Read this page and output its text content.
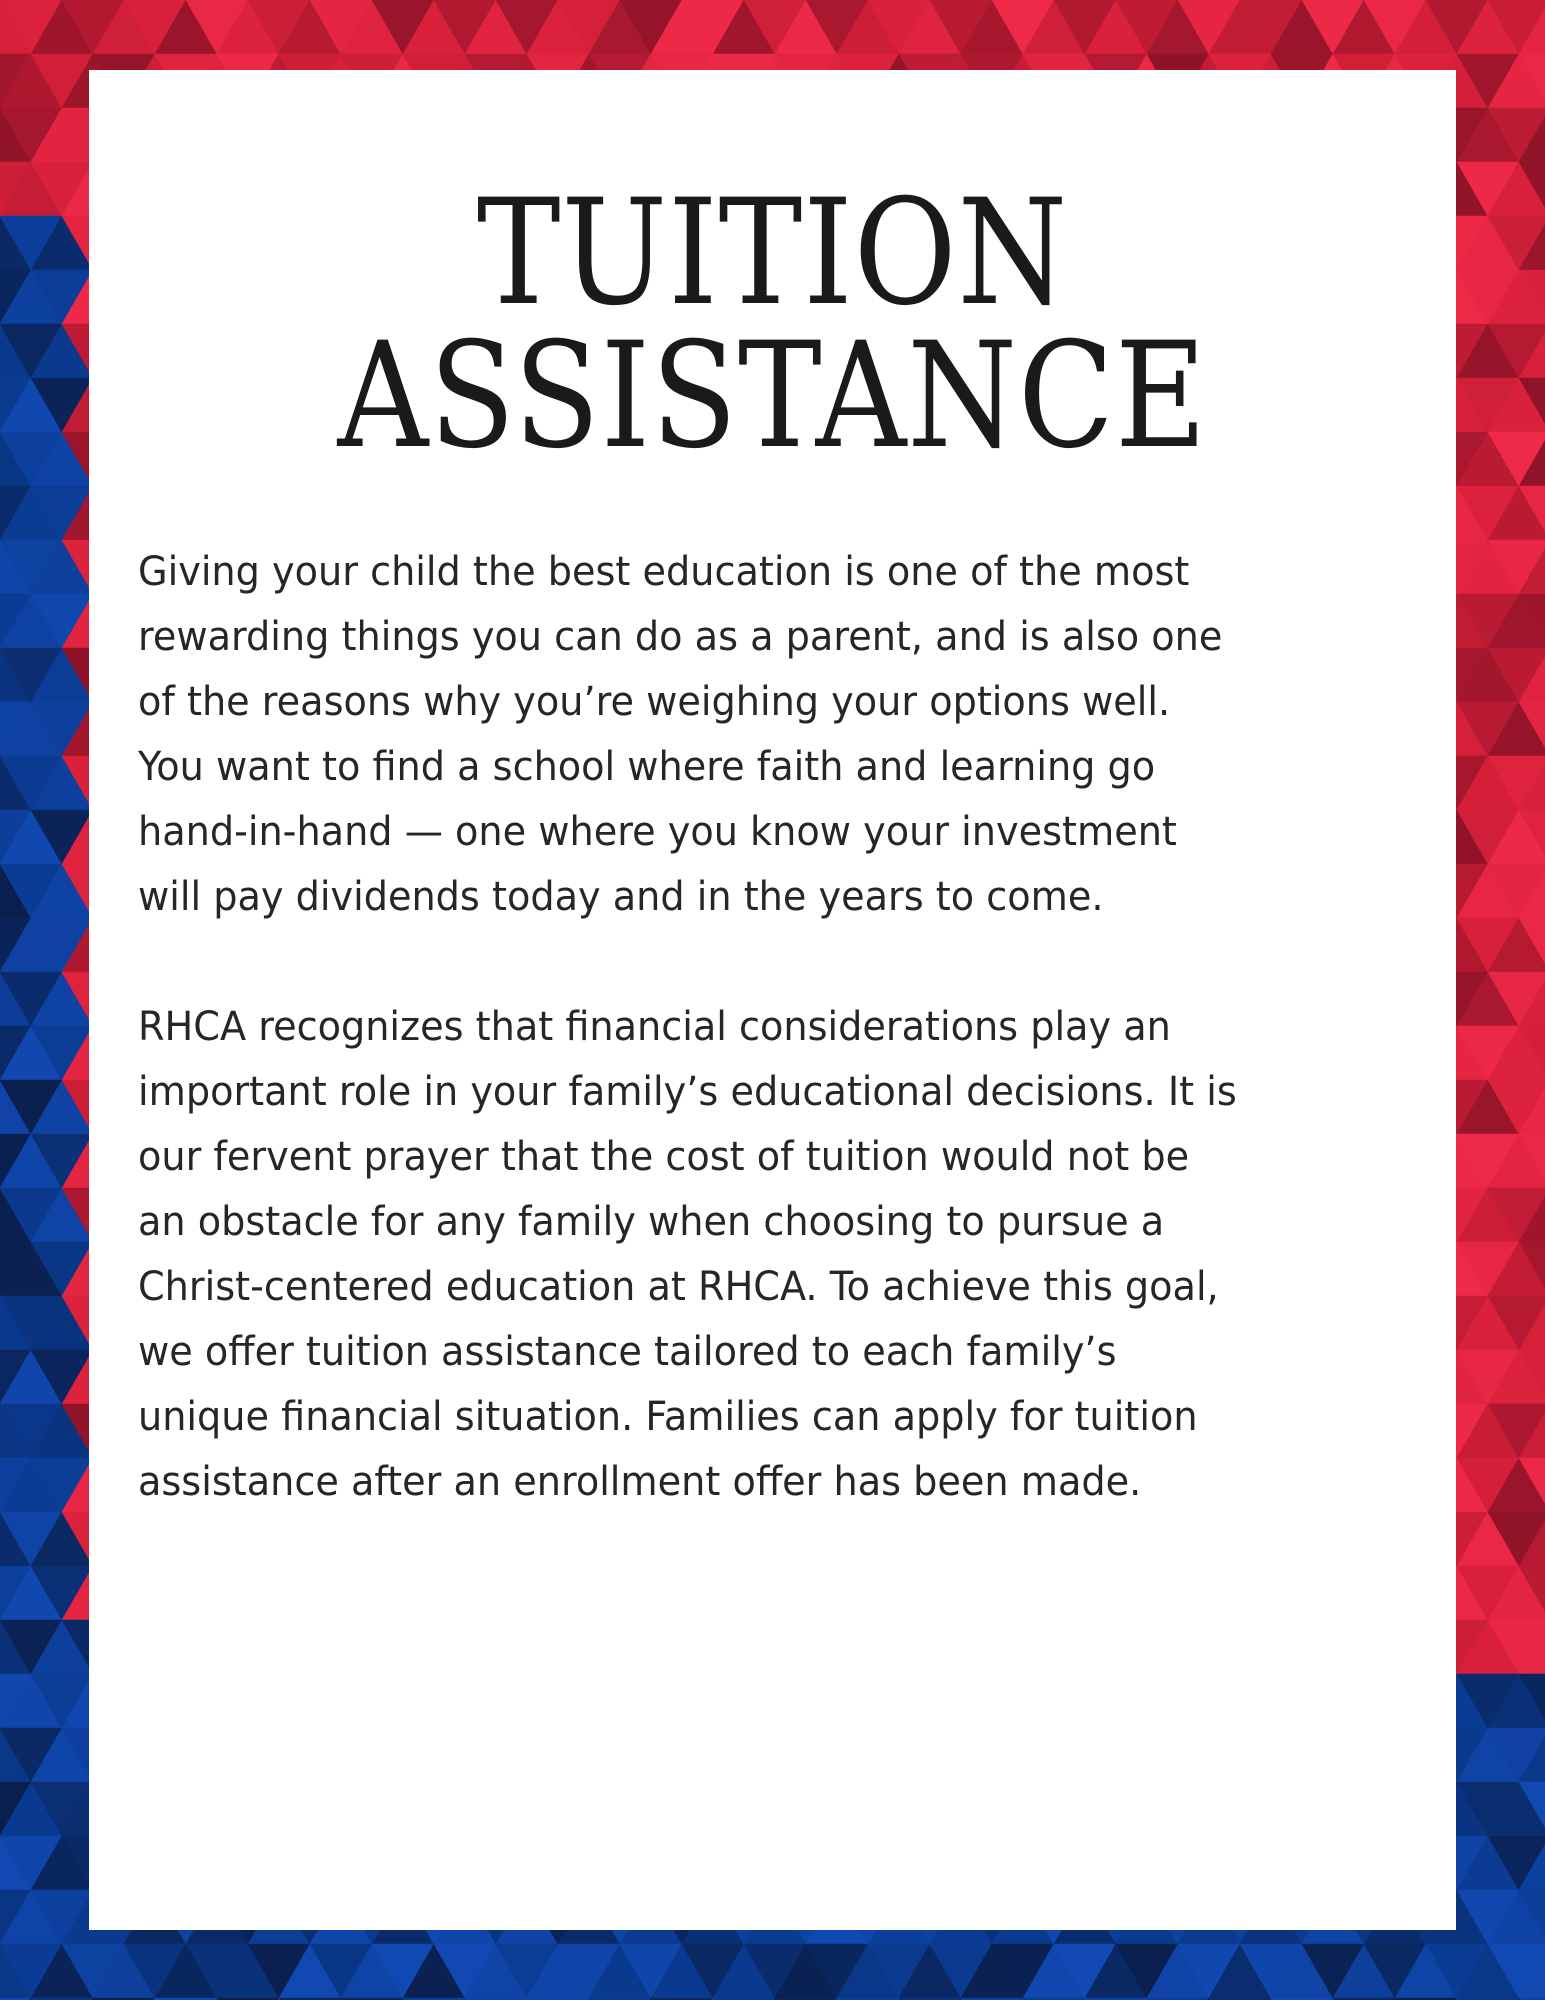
TUITION
ASSISTANCE

Giving your child the best education is one of the most
rewarding things you can do as a parent, and is also one
of the reasons why you’re weighing your options well.
You want to find a school where faith and learning go
hand-in-hand — one where you know your investment
will pay dividends today and in the years to come.

RHCA recognizes that financial considerations play an
important role in your family’s educational decisions. It is
our fervent prayer that the cost of tuition would not be
an obstacle for any family when choosing to pursue a
Christ-centered education at RHCA. To achieve this goal,
we offer tuition assistance tailored to each family’s
unique financial situation. Families can apply for tuition
assistance after an enrollment offer has been made.
